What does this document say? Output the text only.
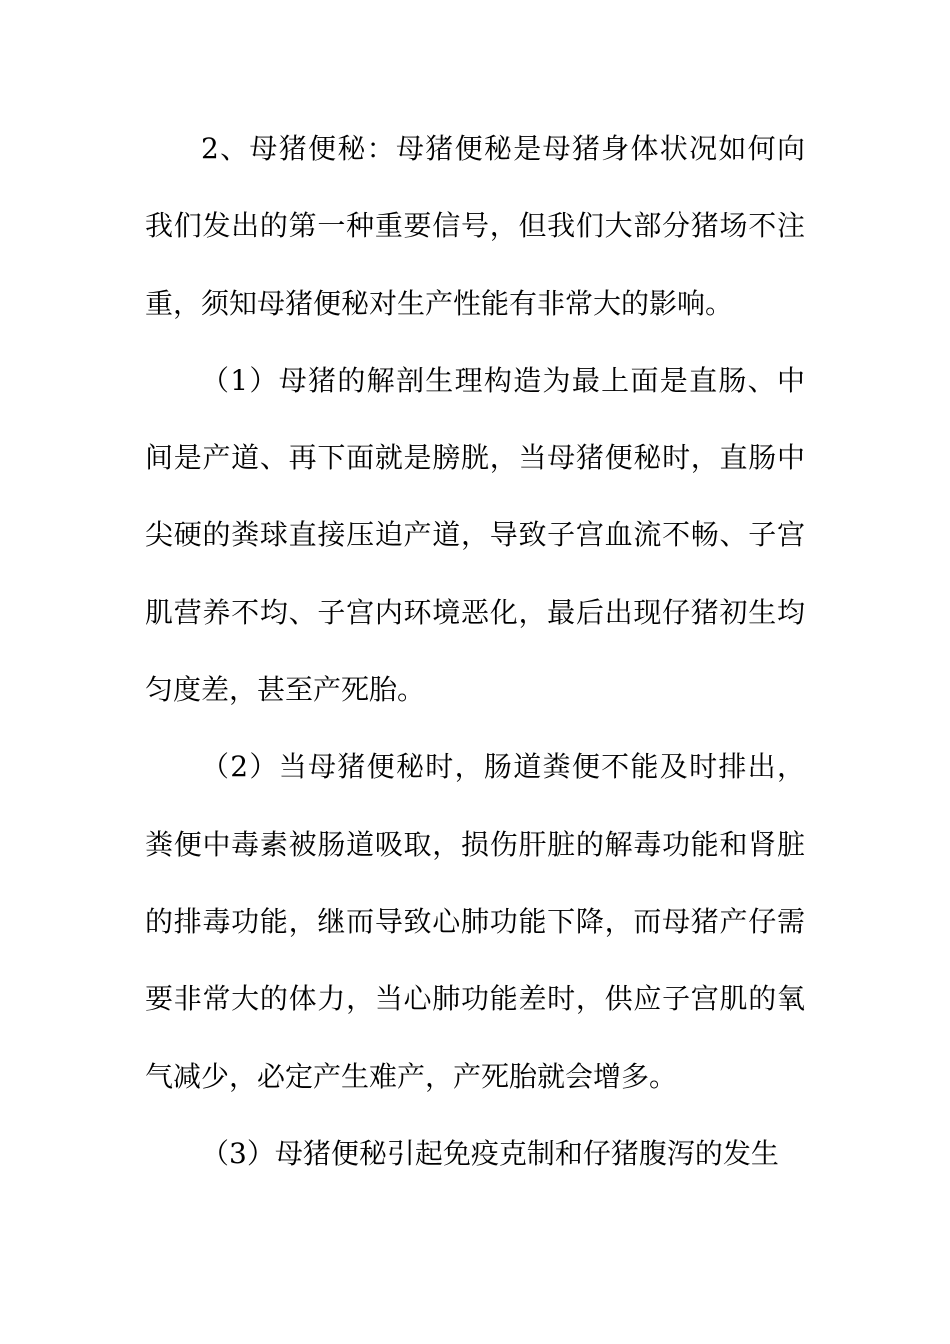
2、母猪便秘：母猪便秘是母猪身体状况如何向
我们发出的第一种重要信号，但我们大部分猪场不注
重，须知母猪便秘对生产性能有非常大的影响。
（1）母猪的解剖生理构造为最上面是直肠、中
间是产道、再下面就是膀胱，当母猪便秘时，直肠中
尖硬的粪球直接压迫产道，导致子宫血流不畅、子宫
肌营养不均、子宫内环境恶化，最后出现仔猪初生均
匀度差，甚至产死胎。
（2）当母猪便秘时，肠道粪便不能及时排出，
粪便中毒素被肠道吸取，损伤肝脏的解毒功能和肾脏
的排毒功能，继而导致心肺功能下降，而母猪产仔需
要非常大的体力，当心肺功能差时，供应子宫肌的氧
气减少，必定产生难产，产死胎就会增多。
（3）母猪便秘引起免疫克制和仔猪腹泻的发生
